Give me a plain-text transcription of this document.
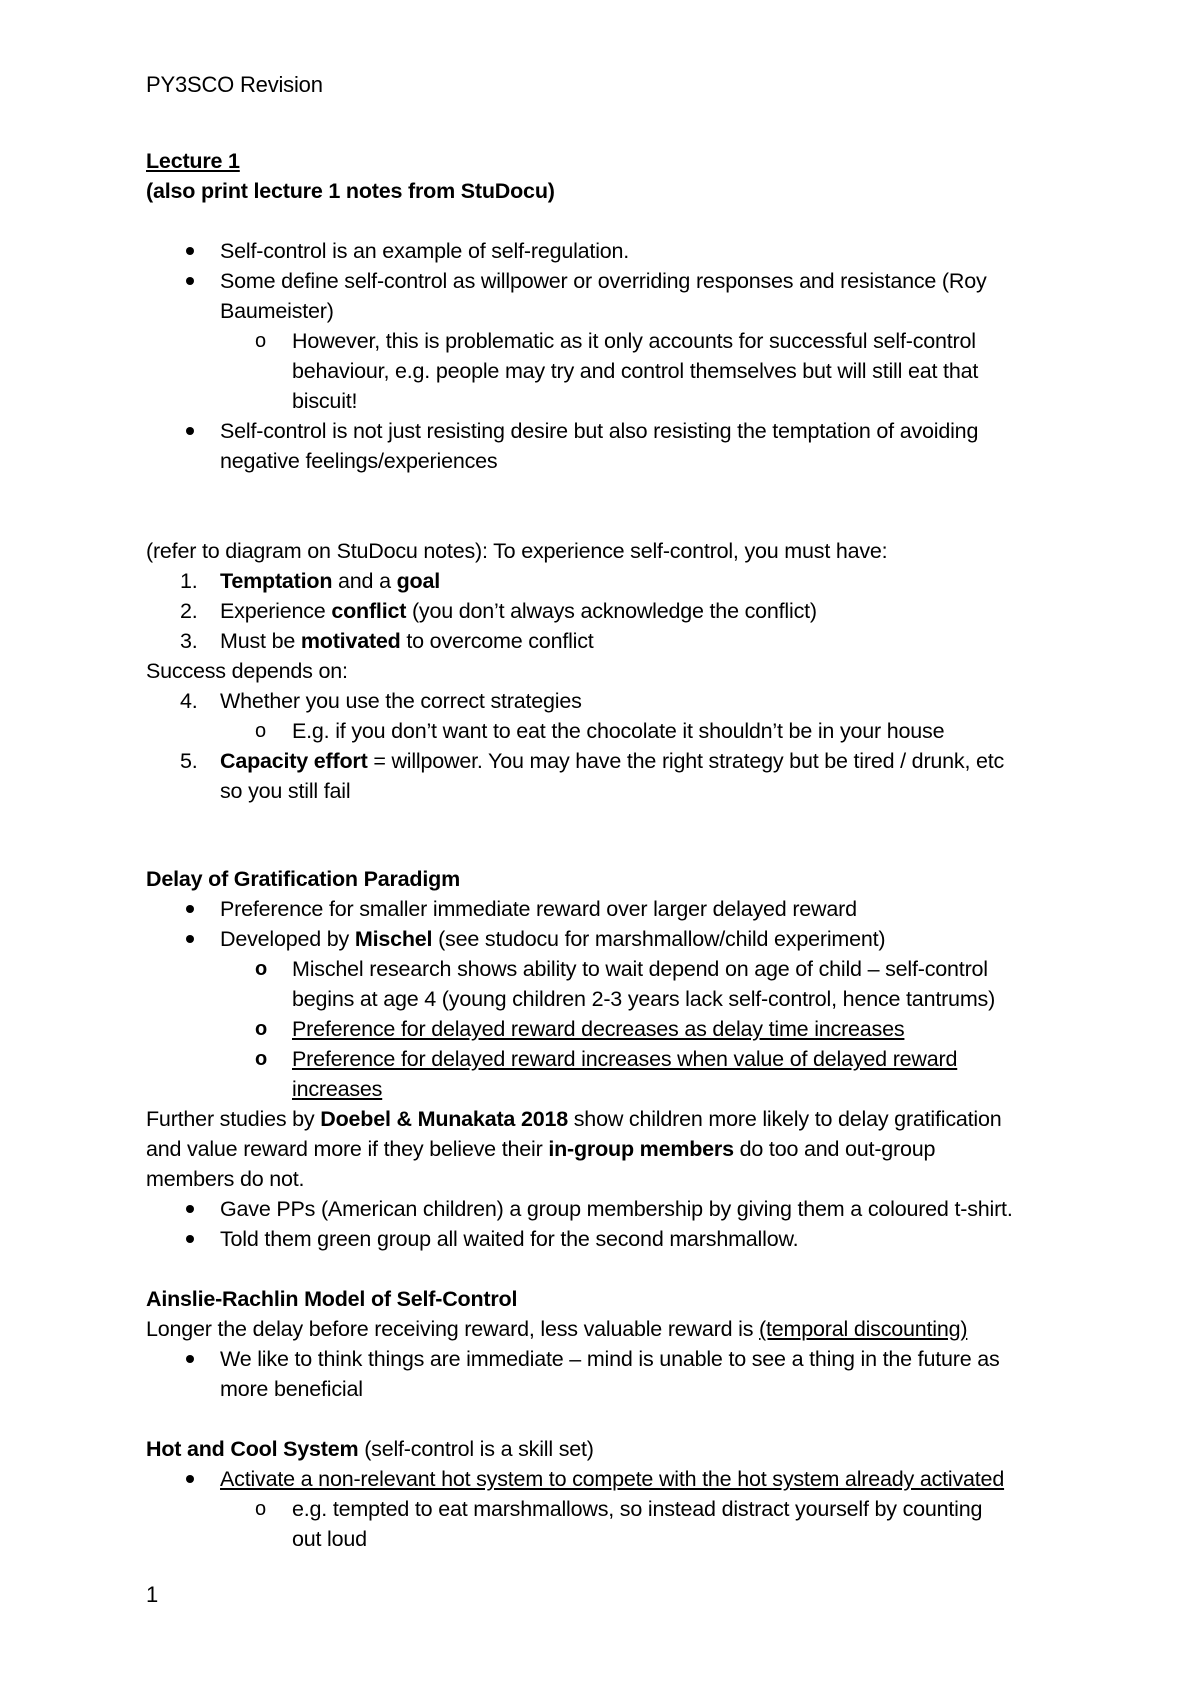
PY3SCO Revision
Lecture 1
(also print lecture 1 notes from StuDocu)
Self-control is an example of self-regulation.
Some define self-control as willpower or overriding responses and resistance (Roy
Baumeister)
o However, this is problematic as it only accounts for successful self-control
behaviour, e.g. people may try and control themselves but will still eat that
biscuit!
Self-control is not just resisting desire but also resisting the temptation of avoiding
negative feelings/experiences
(refer to diagram on StuDocu notes): To experience self-control, you must have:
1.	Temptation and a goal
2.	Experience conflict (you don’t always acknowledge the conflict)
3.	Must be motivated to overcome conflict
Success depends on:
4.	Whether you use the correct strategies
o E.g. if you don’t want to eat the chocolate it shouldn’t be in your house
5.	Capacity effort = willpower. You may have the right strategy but be tired / drunk, etc
so you still fail
Delay of Gratification Paradigm
Preference for smaller immediate reward over larger delayed reward
Developed by Mischel (see studocu for marshmallow/child experiment)
o Mischel research shows ability to wait depend on age of child – self-control
begins at age 4 (young children 2-3 years lack self-control, hence tantrums)
o Preference for delayed reward decreases as delay time increases
o Preference for delayed reward increases when value of delayed reward
increases
Further studies by Doebel & Munakata 2018 show children more likely to delay gratification
and value reward more if they believe their in-group members do too and out-group
members do not.
Gave PPs (American children) a group membership by giving them a coloured t-shirt.
Told them green group all waited for the second marshmallow.
Ainslie-Rachlin Model of Self-Control
Longer the delay before receiving reward, less valuable reward is (temporal discounting)
We like to think things are immediate – mind is unable to see a thing in the future as
more beneficial
Hot and Cool System (self-control is a skill set)
Activate a non-relevant hot system to compete with the hot system already activated
o e.g. tempted to eat marshmallows, so instead distract yourself by counting
out loud
1
